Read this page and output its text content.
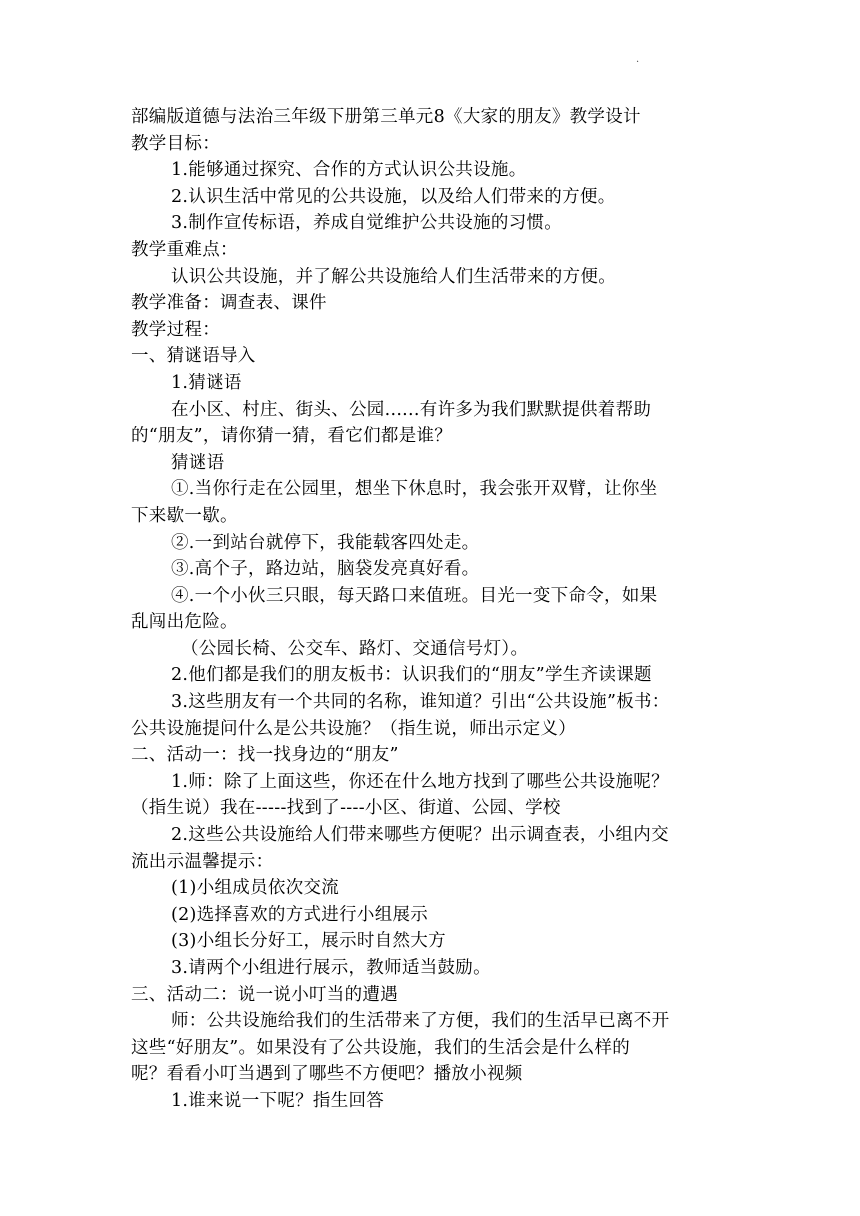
·
部编版道德与法治三年级下册第三单元8《大家的朋友》教学设计
教学目标：
1.能够通过探究、合作的方式认识公共设施。
2.认识生活中常见的公共设施，以及给人们带来的方便。
3.制作宣传标语，养成自觉维护公共设施的习惯。
教学重难点：
认识公共设施，并了解公共设施给人们生活带来的方便。
教学准备：调查表、课件
教学过程：
一、猜谜语导入
1.猜谜语
在小区、村庄、街头、公园......有许多为我们默默提供着帮助
的“朋友”，请你猜一猜，看它们都是谁？
猜谜语
①.当你行走在公园里，想坐下休息时，我会张开双臂，让你坐
下来歇一歇。
②.一到站台就停下，我能载客四处走。
③.高个子，路边站，脑袋发亮真好看。
④.一个小伙三只眼，每天路口来值班。目光一变下命令，如果
乱闯出危险。
（公园长椅、公交车、路灯、交通信号灯）。
2.他们都是我们的朋友板书：认识我们的“朋友”学生齐读课题
3.这些朋友有一个共同的名称，谁知道？引出“公共设施”板书：
公共设施提问什么是公共设施？（指生说，师出示定义）
二、活动一：找一找身边的“朋友”
1.师：除了上面这些，你还在什么地方找到了哪些公共设施呢？
（指生说）我在-----找到了----小区、街道、公园、学校
2.这些公共设施给人们带来哪些方便呢？出示调查表，小组内交
流出示温馨提示：
(1)小组成员依次交流
(2)选择喜欢的方式进行小组展示
(3)小组长分好工，展示时自然大方
3.请两个小组进行展示，教师适当鼓励。
三、活动二：说一说小叮当的遭遇
师：公共设施给我们的生活带来了方便，我们的生活早已离不开
这些“好朋友”。如果没有了公共设施，我们的生活会是什么样的
呢？看看小叮当遇到了哪些不方便吧？播放小视频
1.谁来说一下呢？指生回答
